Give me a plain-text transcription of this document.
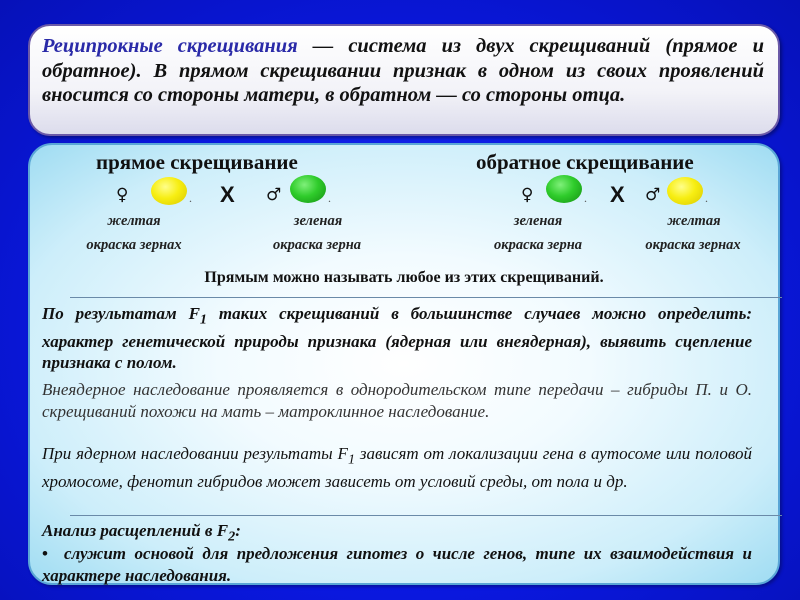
Реципрокные скрещивания — система из двух скрещиваний (прямое и обратное). В прямом скрещивании признак в одном из своих проявлений вносится со стороны матери, в обратном — со стороны отца.

прямое скрещивание
♀	. X ♂	.
желтая
окраска зернах
зеленая
окраска зерна
обратное скрещивание
♀	. X ♂	.
зеленая
окраска зерна
желтая
окраска зернах
Прямым можно называть любое из этих скрещиваний.

По результатам $F_1$ таких скрещиваний в большинстве случаев можно определить: характер генетической природы признака (ядерная или внеядерная), выявить сцепление признака с полом.

Внеядерное наследование проявляется в однородительском типе передачи – гибриды П. и О. скрещиваний похожи на мать – матроклинное наследование.

При ядерном наследовании результаты $F_1$ зависят от локализации гена в аутосоме или половой хромосоме, фенотип гибридов может зависеть от условий среды, от пола и др.

Анализ расщеплений в $F_2$:

• служит основой для предложения гипотез о числе генов, типе их взаимодействия и характере наследования.
